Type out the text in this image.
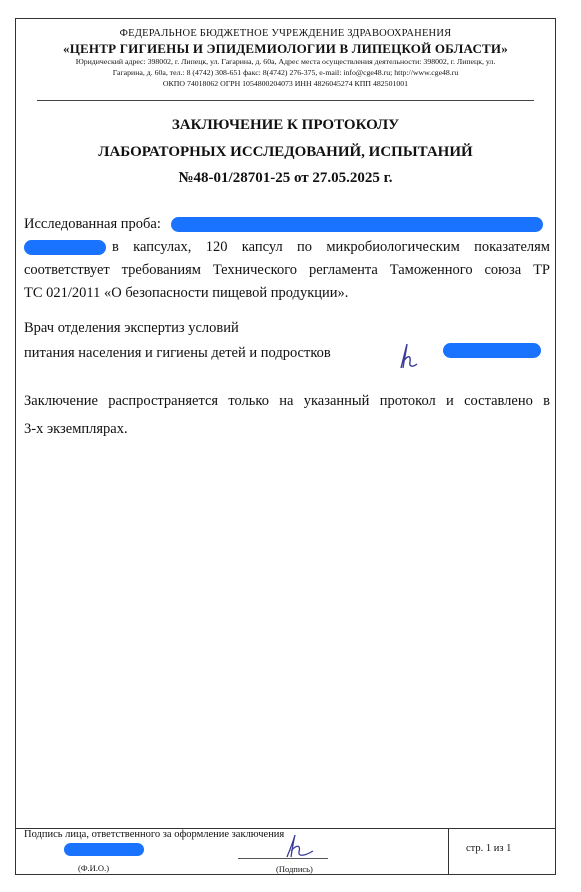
ФЕДЕРАЛЬНОЕ БЮДЖЕТНОЕ УЧРЕЖДЕНИЕ ЗДРАВООХРАНЕНИЯ
«ЦЕНТР ГИГИЕНЫ И ЭПИДЕМИОЛОГИИ В ЛИПЕЦКОЙ ОБЛАСТИ»
Юридический адрес: 398002, г. Липецк, ул. Гагарина, д. 60а, Адрес места осуществления деятельности: 398002, г. Липецк, ул.
Гагарина, д. 60а, тел.: 8 (4742) 308-651 факс: 8(4742) 276-375, e-mail: info@cge48.ru; http://www.cge48.ru
ОКПО 74018062 ОГРН 1054800204073 ИНН 4826045274 КПП 482501001
ЗАКЛЮЧЕНИЕ К ПРОТОКОЛУ
ЛАБОРАТОРНЫХ ИССЛЕДОВАНИЙ, ИСПЫТАНИЙ
№48-01/28701-25 от 27.05.2025 г.
Исследованная проба:
в капсулах, 120 капсул по микробиологическим показателям
соответствует требованиям Технического регламента Таможенного союза ТР
ТС 021/2011 «О безопасности пищевой продукции».
Врач отделения экспертиз условий
питания населения и гигиены детей и подростков
Заключение распространяется только на указанный протокол и составлено в
3-х экземплярах.
Подпись лица, ответственного за оформление заключения
(Ф.И.О.)	(Подпись)
стр. 1 из 1
